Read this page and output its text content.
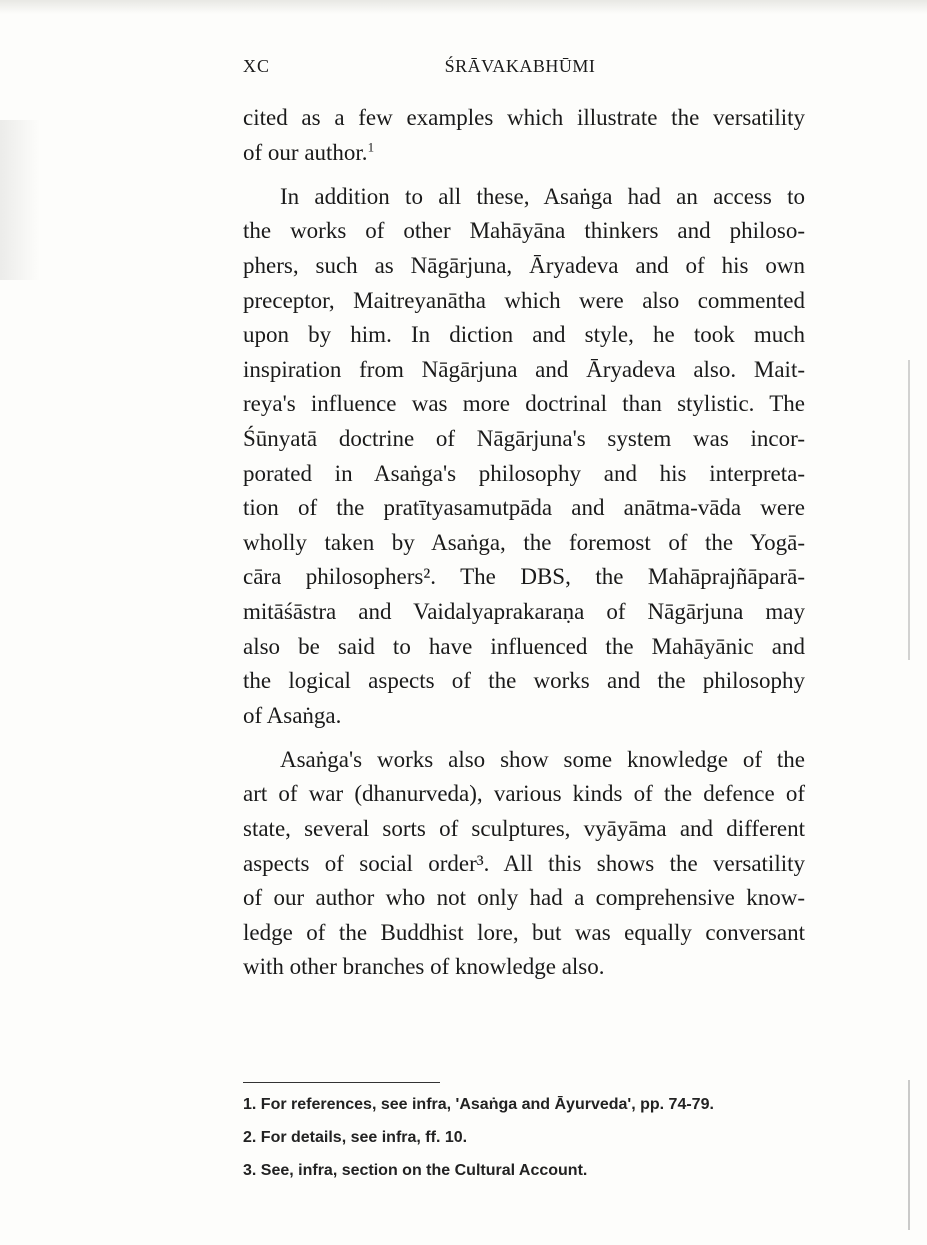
XC	ŚRĀVAKABHŪMI
cited as a few examples which illustrate the versatility
of our author.$^1$
In addition to all these, Asaṅga had an access to
the works of other Mahāyāna thinkers and philoso-
phers, such as Nāgārjuna, Āryadeva and of his own
preceptor, Maitreyanātha which were also commented
upon by him. In diction and style, he took much
inspiration from Nāgārjuna and Āryadeva also. Mait-
reya's influence was more doctrinal than stylistic. The
Śūnyatā doctrine of Nāgārjuna's system was incor-
porated in Asaṅga's philosophy and his interpreta-
tion of the pratītyasamutpāda and anātma-vāda were
wholly taken by Asaṅga, the foremost of the Yogā-
cāra philosophers². The DBS, the Mahāprajñāparā-
mitāśāstra and Vaidalyaprakaraṇa of Nāgārjuna may
also be said to have influenced the Mahāyānic and
the logical aspects of the works and the philosophy
of Asaṅga.
Asaṅga's works also show some knowledge of the
art of war (dhanurveda), various kinds of the defence of
state, several sorts of sculptures, vyāyāma and different
aspects of social order³. All this shows the versatility
of our author who not only had a comprehensive know-
ledge of the Buddhist lore, but was equally conversant
with other branches of knowledge also.
1. For references, see infra, 'Asaṅga and Āyurveda', pp. 74-79.
2. For details, see infra, ff. 10.
3. See, infra, section on the Cultural Account.
